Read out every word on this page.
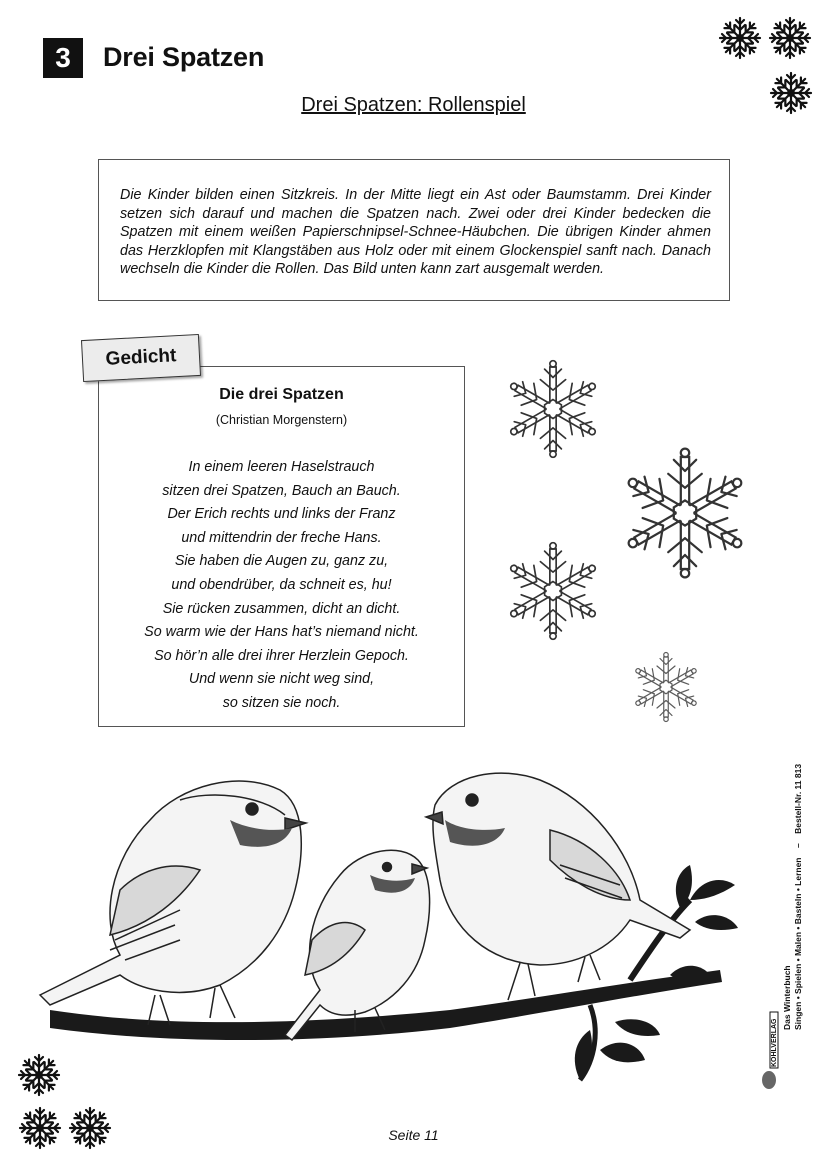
3	Drei Spatzen
Drei Spatzen: Rollenspiel
Die Kinder bilden einen Sitzkreis. In der Mitte liegt ein Ast oder Baumstamm. Drei Kinder setzen sich darauf und machen die Spatzen nach. Zwei oder drei Kinder bedecken die Spatzen mit einem weißen Papierschnipsel-Schnee-Häubchen. Die übrigen Kinder ahmen das Herzklopfen mit Klangstäben aus Holz oder mit einem Glockenspiel sanft nach. Danach wechseln die Kinder die Rollen. Das Bild unten kann zart ausgemalt werden.
Gedicht
Die drei Spatzen
(Christian Morgenstern)
In einem leeren Haselstrauch
sitzen drei Spatzen, Bauch an Bauch.
Der Erich rechts und links der Franz
und mittendrin der freche Hans.
Sie haben die Augen zu, ganz zu,
und obendrüber, da schneit es, hu!
Sie rücken zusammen, dicht an dicht.
So warm wie der Hans hat’s niemand nicht.
So hör’n alle drei ihrer Herzlein Gepoch.
Und wenn sie nicht weg sind,
so sitzen sie noch.
Das Winterbuch Singen • Spielen • Malen • Basteln • Lernen    –    Bestell-Nr. 11 813
KOHLVERLAG
Seite 11
